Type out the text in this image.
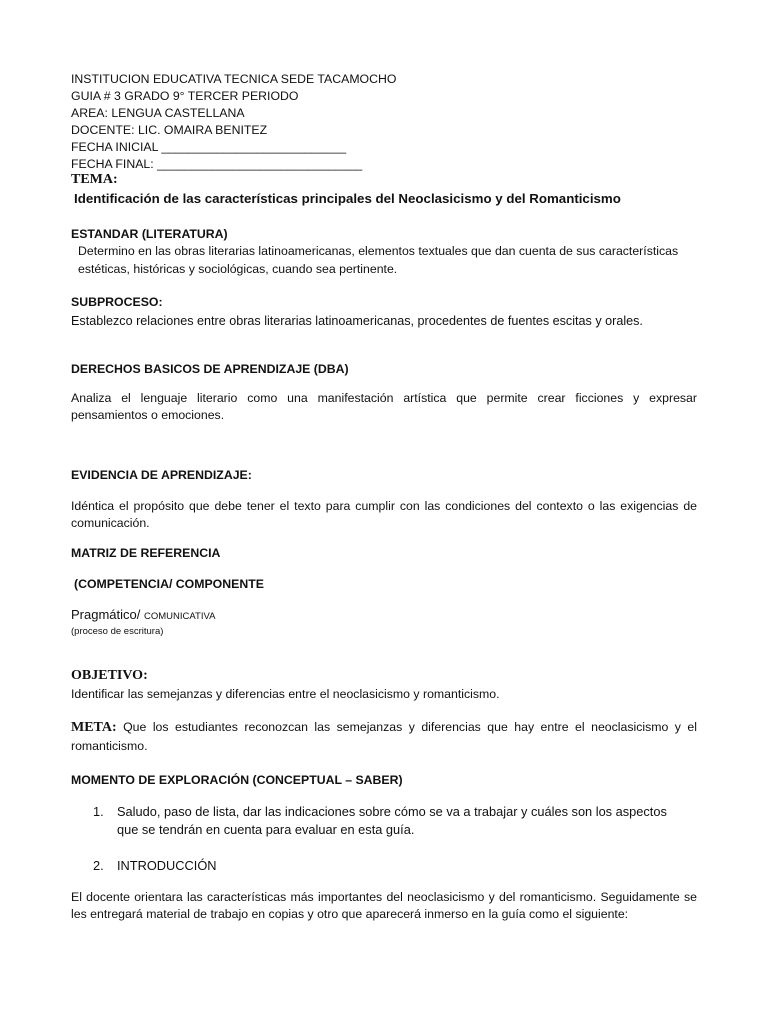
INSTITUCION EDUCATIVA TECNICA SEDE TACAMOCHO
GUIA # 3 GRADO 9° TERCER PERIODO
AREA: LENGUA CASTELLANA
DOCENTE: LIC. OMAIRA BENITEZ
FECHA INICIAL ___________________________
FECHA FINAL: ______________________________
TEMA:
Identificación de las características principales del Neoclasicismo y del Romanticismo
ESTANDAR (LITERATURA)
Determino en las obras literarias latinoamericanas, elementos textuales que dan cuenta de sus características
estéticas, históricas y sociológicas, cuando sea pertinente.
SUBPROCESO:
Establezco relaciones entre obras literarias latinoamericanas, procedentes de fuentes escitas y orales.
DERECHOS BASICOS DE APRENDIZAJE (DBA)
Analiza el lenguaje literario como una manifestación artística que permite crear ficciones y expresar
pensamientos o emociones.
EVIDENCIA DE APRENDIZAJE:
Idéntica el propósito que debe tener el texto para cumplir con las condiciones del contexto o las exigencias de
comunicación.
MATRIZ DE REFERENCIA
(COMPETENCIA/ COMPONENTE
Pragmático/ COMUNICATIVA
(proceso de escritura)
OBJETIVO:
Identificar las semejanzas y diferencias entre el neoclasicismo y romanticismo.
META: Que los estudiantes reconozcan las semejanzas y diferencias que hay entre el neoclasicismo y el
romanticismo.
MOMENTO DE EXPLORACIÓN (CONCEPTUAL – SABER)
1. Saludo, paso de lista, dar las indicaciones sobre cómo se va a trabajar y cuáles son los aspectos
que se tendrán en cuenta para evaluar en esta guía.
2. INTRODUCCIÓN
El docente orientara las características más importantes del neoclasicismo y del romanticismo. Seguidamente se
les entregará material de trabajo en copias y otro que aparecerá inmerso en la guía como el siguiente:
